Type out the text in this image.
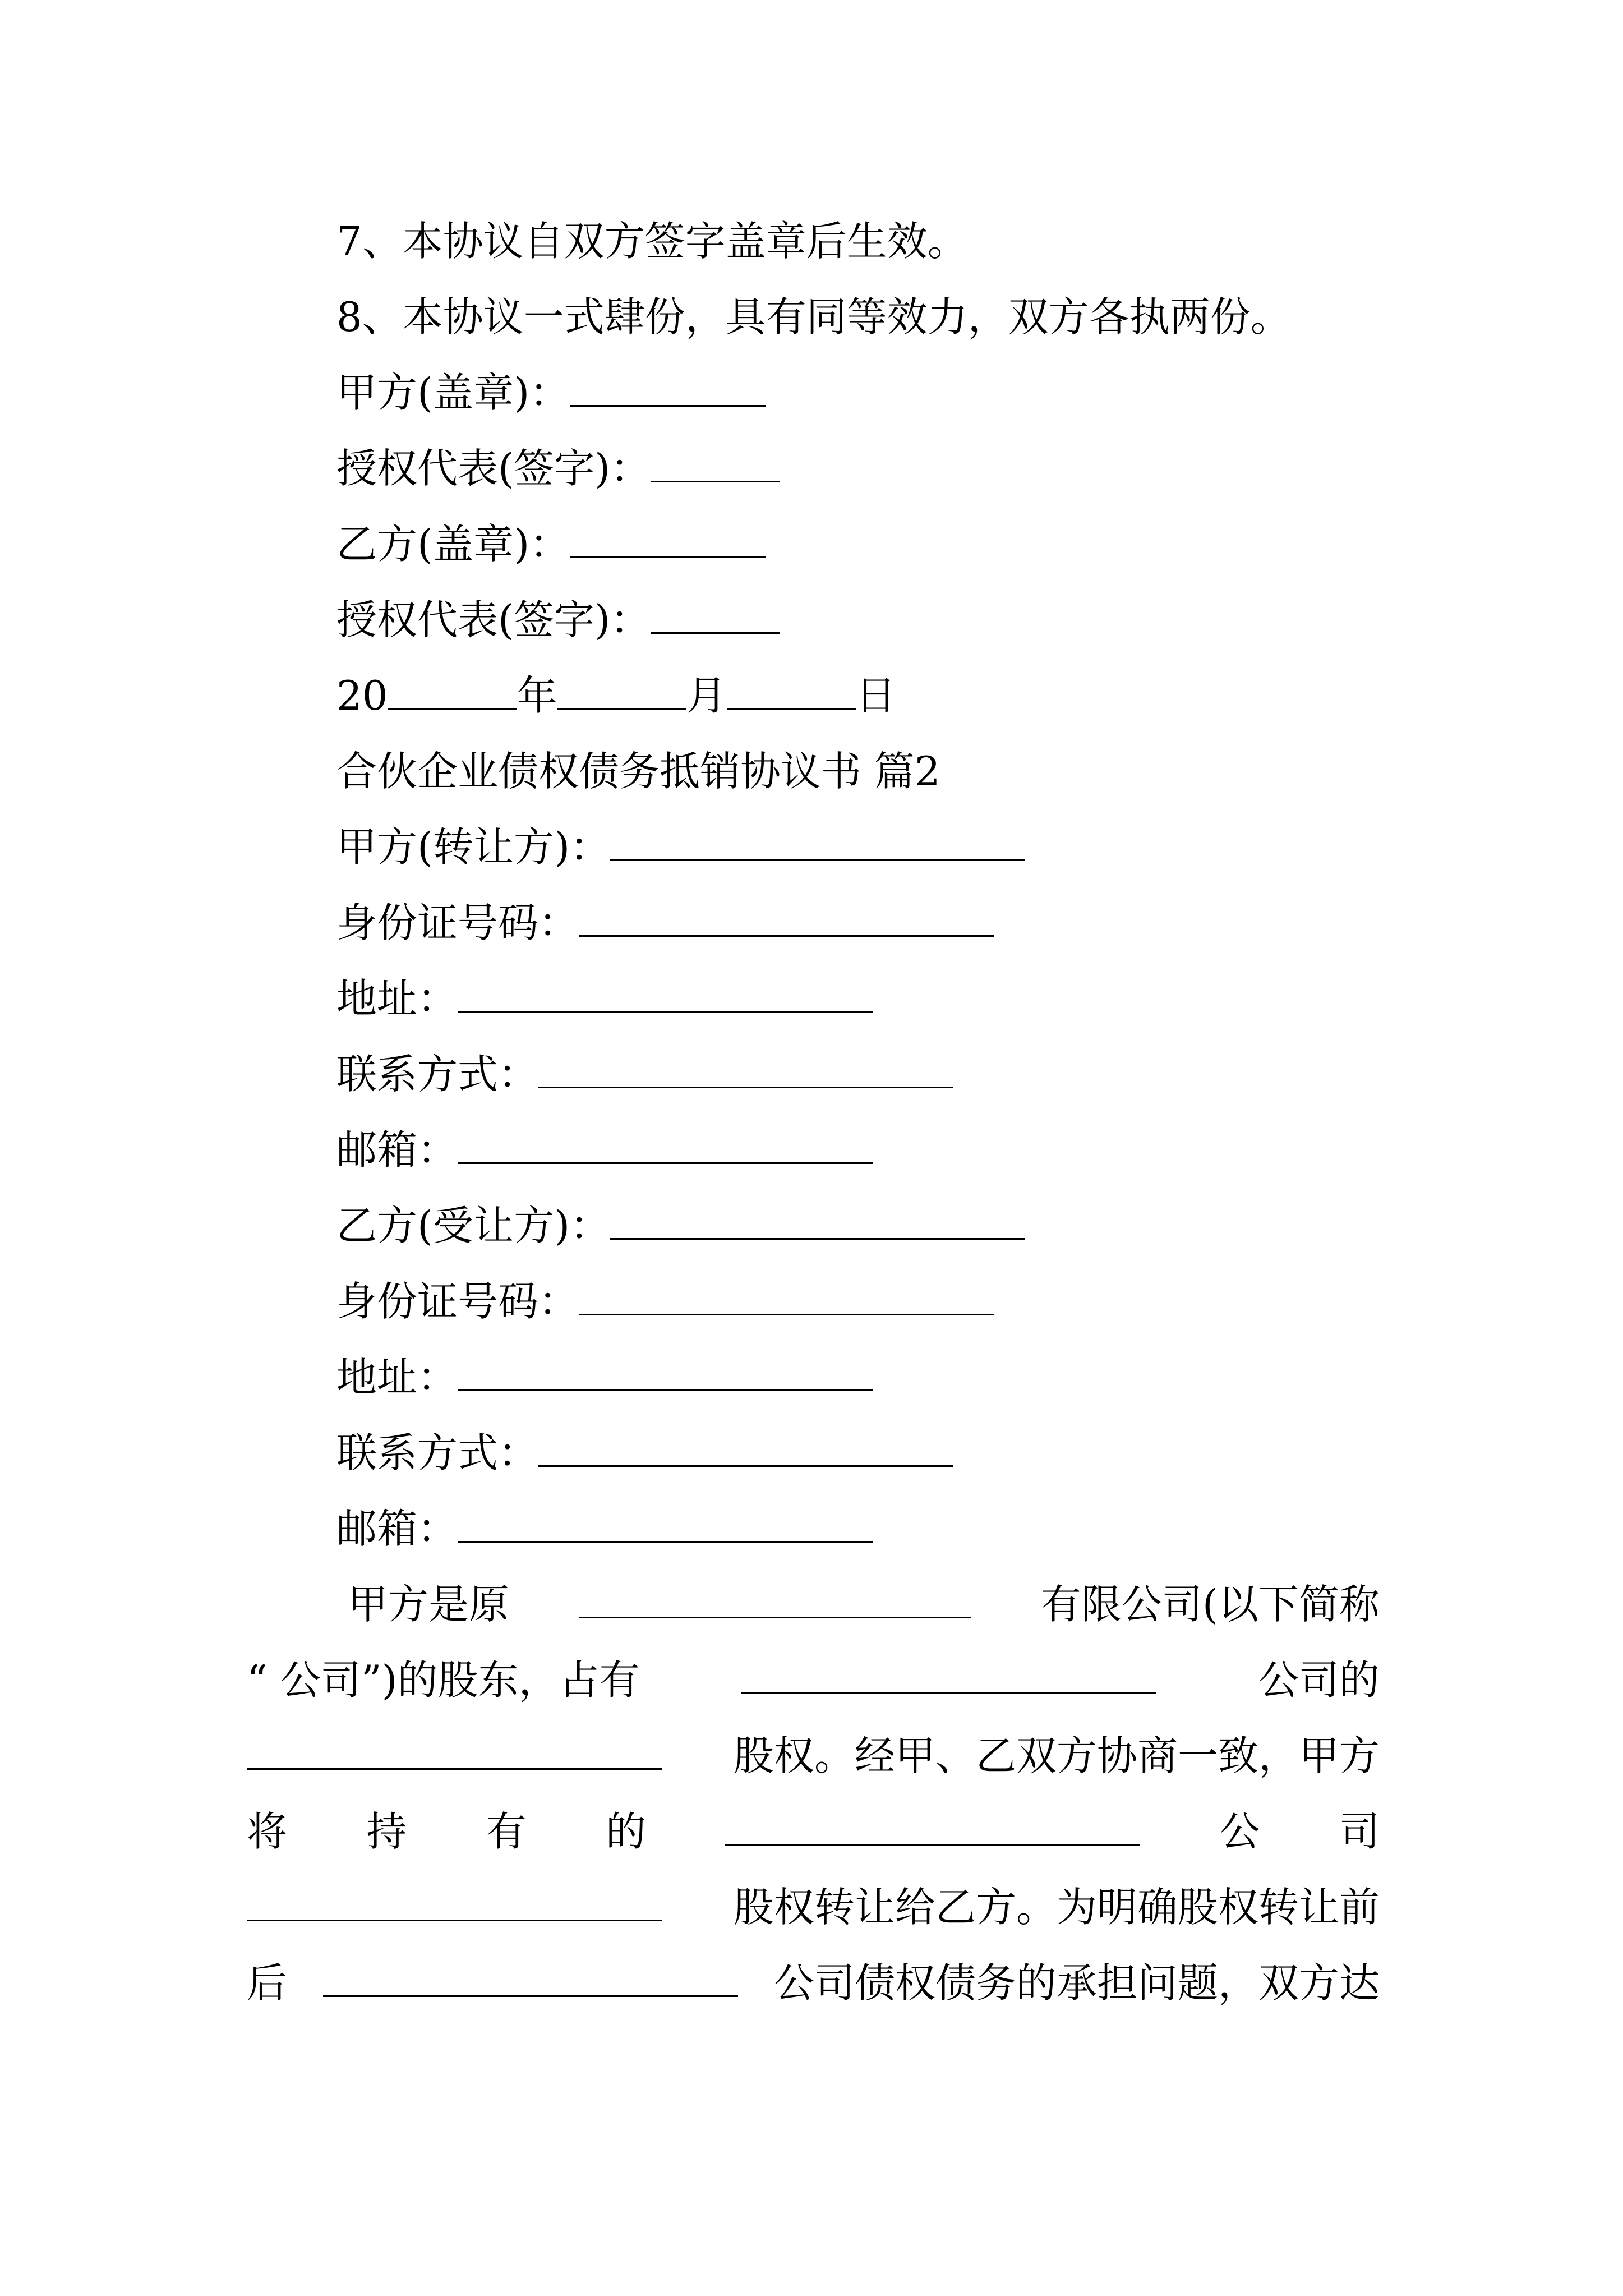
7、本协议自双方签字盖章后生效。
8、本协议一式肆份，具有同等效力，双方各执两份。
甲方(盖章)：
授权代表(签字)：
乙方(盖章)：
授权代表(签字)：
20	年	月	日
合伙企业债权债务抵销协议书 篇2
甲方(转让方)：
身份证号码：
地址：
联系方式：
邮箱：
乙方(受让方)：
身份证号码：
地址：
联系方式：
邮箱：
甲方是原	有限公司(以下简称
“ 公司”)的股东，占有	公司的
股权。经甲、乙双方协商一致，甲方
将 持 有 的	公 司
股权转让给乙方。为明确股权转让前
后	公司债权债务的承担问题，双方达
